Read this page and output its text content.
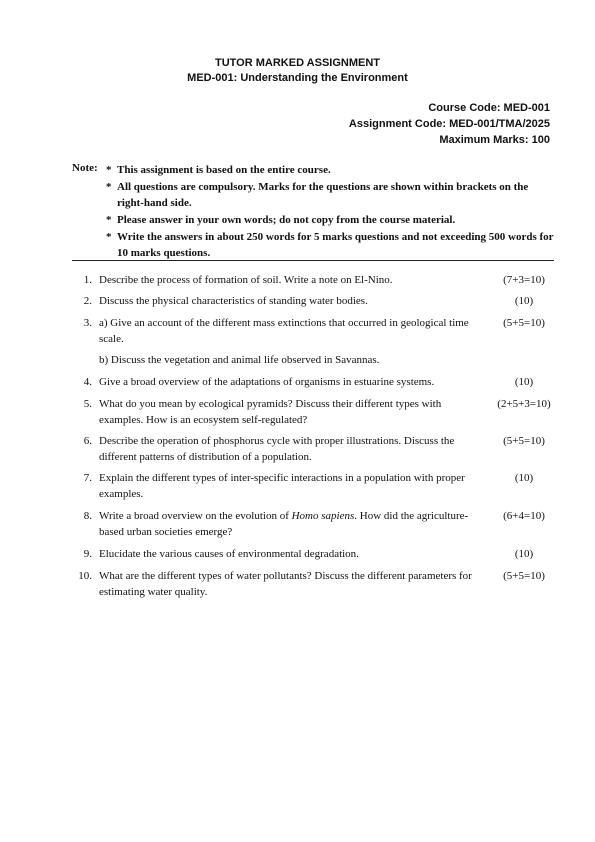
TUTOR MARKED ASSIGNMENT
MED-001: Understanding the Environment
Course Code: MED-001
Assignment Code: MED-001/TMA/2025
Maximum Marks: 100
Note: * This assignment is based on the entire course.
* All questions are compulsory. Marks for the questions are shown within brackets on the right-hand side.
* Please answer in your own words; do not copy from the course material.
* Write the answers in about 250 words for 5 marks questions and not exceeding 500 words for 10 marks questions.
1. Describe the process of formation of soil. Write a note on El-Nino.	(7+3=10)
2. Discuss the physical characteristics of standing water bodies.	(10)
3. a) Give an account of the different mass extinctions that occurred in geological time scale.
(5+5=10)
b) Discuss the vegetation and animal life observed in Savannas.
4. Give a broad overview of the adaptations of organisms in estuarine systems.	(10)
5. What do you mean by ecological pyramids? Discuss their different types with examples. How is an ecosystem self-regulated?
(2+5+3=10)
6. Describe the operation of phosphorus cycle with proper illustrations. Discuss the different patterns of distribution of a population.
(5+5=10)
7. Explain the different types of inter-specific interactions in a population with proper examples.
(10)
8. Write a broad overview on the evolution of Homo sapiens. How did the agriculture-based urban societies emerge?
(6+4=10)
9. Elucidate the various causes of environmental degradation.	(10)
10. What are the different types of water pollutants? Discuss the different parameters for estimating water quality.
(5+5=10)
